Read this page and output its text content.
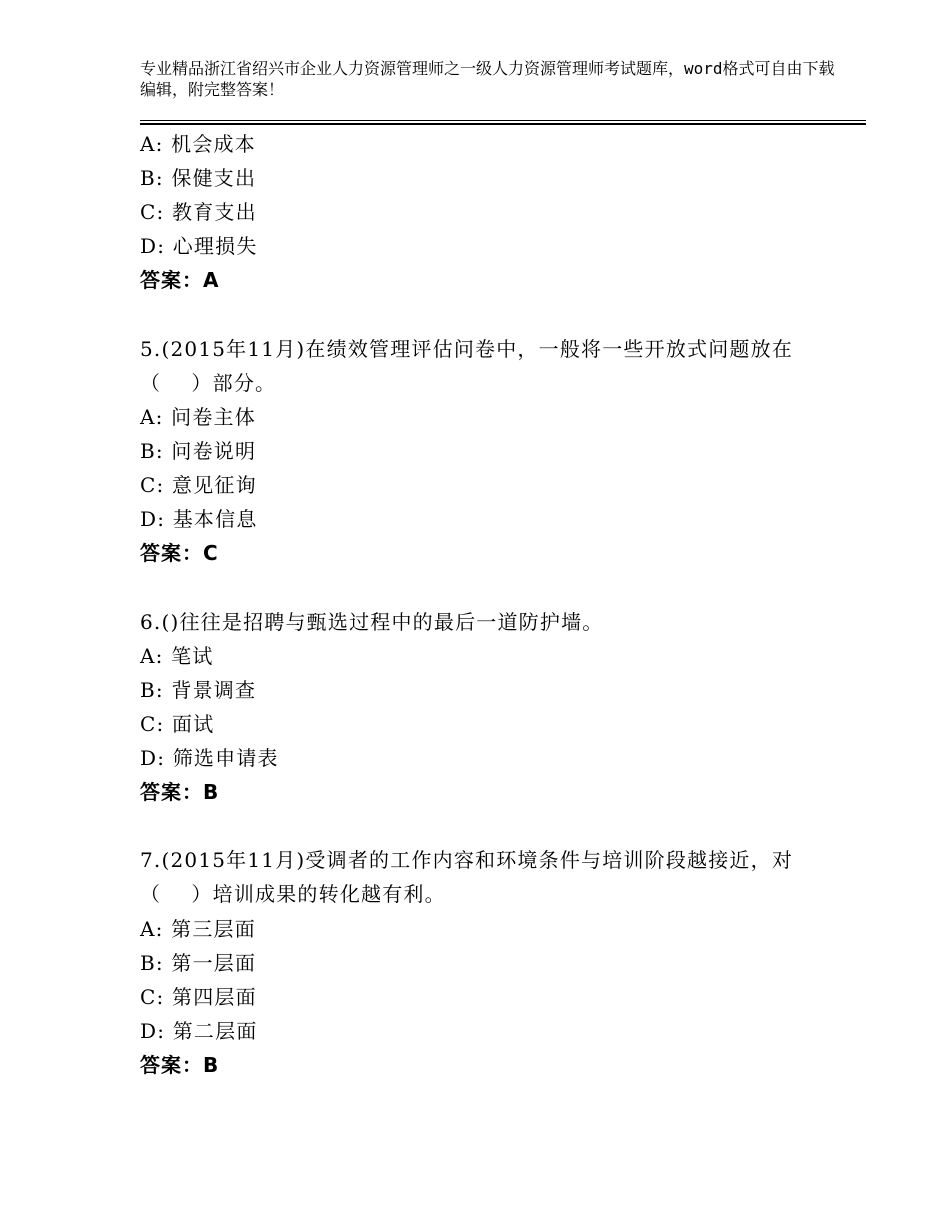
专业精品浙江省绍兴市企业人力资源管理师之一级人力资源管理师考试题库，word格式可自由下载编辑，附完整答案！
A: 机会成本
B: 保健支出
C: 教育支出
D: 心理损失
答案：A
5.(2015年11月)在绩效管理评估问卷中，一般将一些开放式问题放在
（    ）部分。
A: 问卷主体
B: 问卷说明
C: 意见征询
D: 基本信息
答案：C
6.()往往是招聘与甄选过程中的最后一道防护墙。
A: 笔试
B: 背景调查
C: 面试
D: 筛选申请表
答案：B
7.(2015年11月)受调者的工作内容和环境条件与培训阶段越接近，对
（    ）培训成果的转化越有利。
A: 第三层面
B: 第一层面
C: 第四层面
D: 第二层面
答案：B
